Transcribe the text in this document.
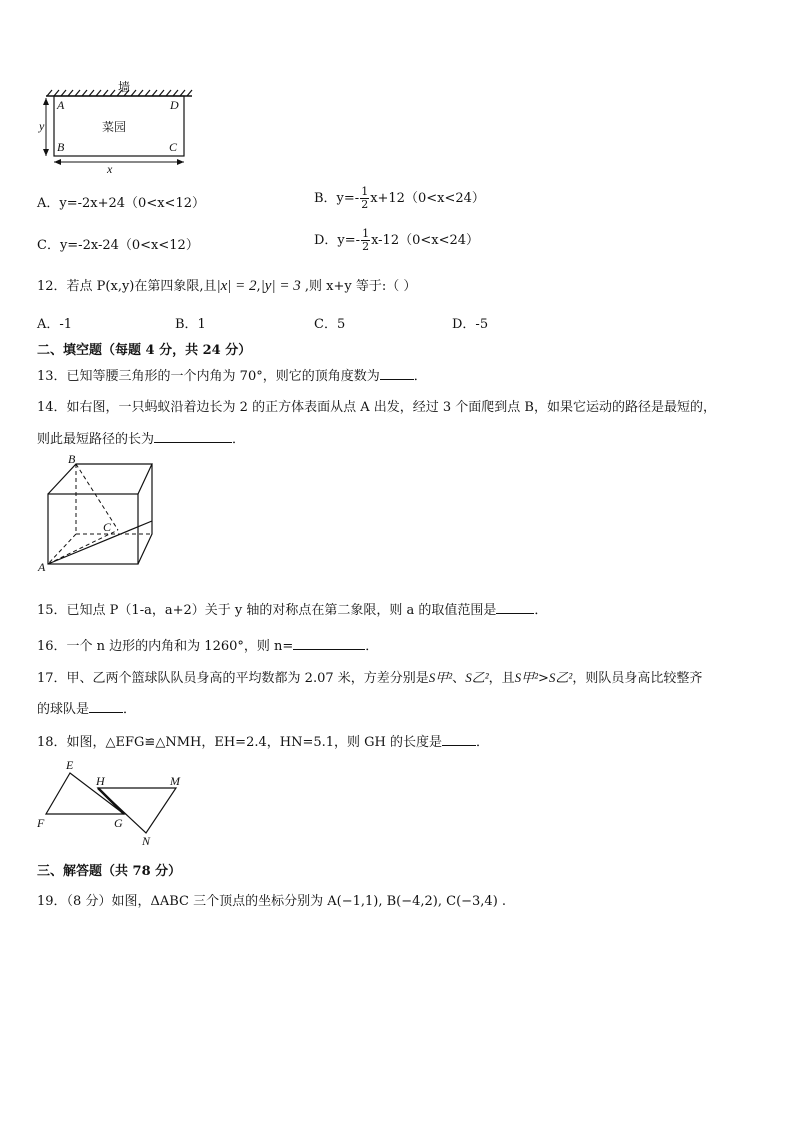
墙
菜园
A	D
B	C
x
y
A．y=-2x+24（0<x<12）	B．$y=- \frac{1}{2} x+12(0<x<24)$
C．y=-2x-24（0<x<12）	D．$y=- \frac{1}{2} x-12(0<x<24)$
12．若点 P(x,y)在第四象限,且|x| = 2,|y| = 3 ,则 x+y 等于:（ ）
A．-1	B．1	C．5	D．-5
二、填空题（每题 4 分，共 24 分）
13．已知等腰三角形的一个内角为 70°，则它的顶角度数为	．
14．如右图，一只蚂蚁沿着边长为 2 的正方体表面从点 A 出发，经过 3 个面爬到点 B，如果它运动的路径是最短的，
则此最短路径的长为	．
B
C
A
15．已知点 P（1-a，a+2）关于 y 轴的对称点在第二象限，则 a 的取值范围是	．
16．一个 n 边形的内角和为 1260°，则 n=	．
17．甲、乙两个篮球队队员身高的平均数都为 2.07 米，方差分别是S甲²、S乙²，且S甲²>S乙²，则队员身高比较整齐
的球队是	．
18．如图，△EFG≌△NMH，EH=2.4，HN=5.1，则 GH 的长度是	．
E
H	M
F	G
N
三、解答题（共 78 分）
19．（8 分）如图，ΔABC 三个顶点的坐标分别为 A(−1,1), B(−4,2), C(−3,4) .
